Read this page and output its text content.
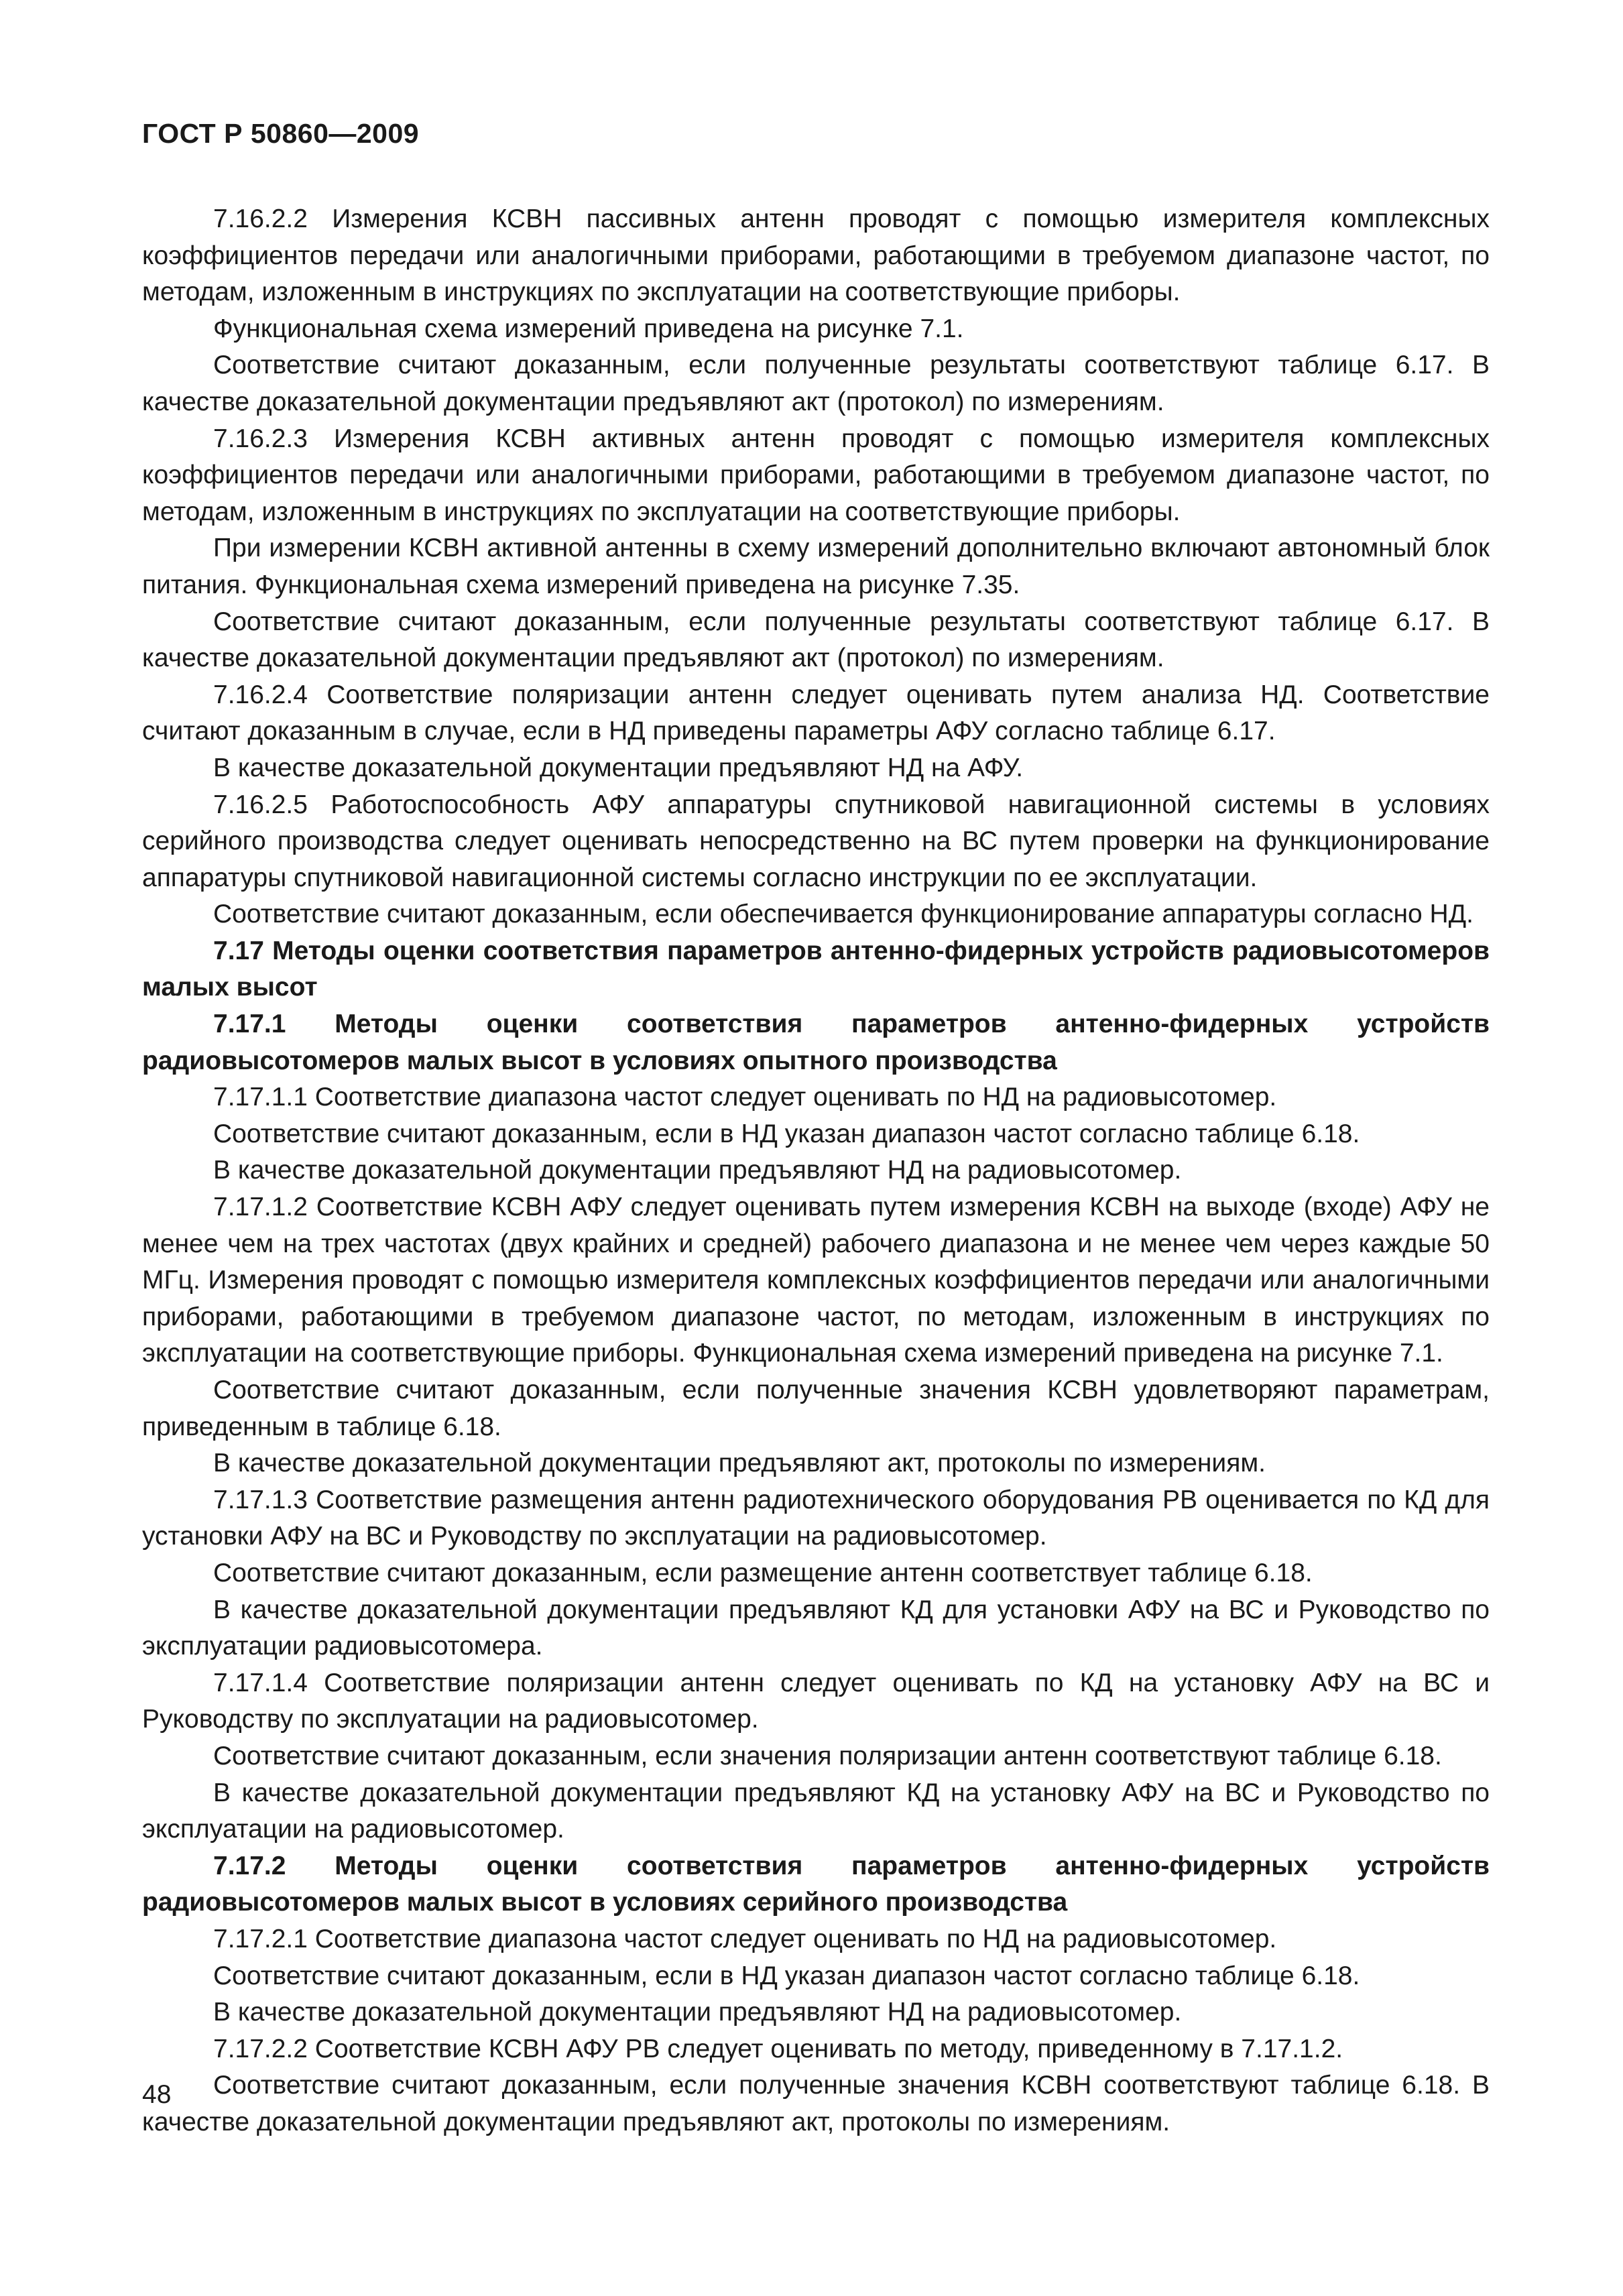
ГОСТ Р 50860—2009

7.16.2.2 Измерения КСВН пассивных антенн проводят с помощью измерителя комплексных коэффициентов передачи или аналогичными приборами, работающими в требуемом диапазоне частот, по методам, изложенным в инструкциях по эксплуатации на соответствующие приборы.

Функциональная схема измерений приведена на рисунке 7.1.

Соответствие считают доказанным, если полученные результаты соответствуют таблице 6.17. В качестве доказательной документации предъявляют акт (протокол) по измерениям.

7.16.2.3 Измерения КСВН активных антенн проводят с помощью измерителя комплексных коэффициентов передачи или аналогичными приборами, работающими в требуемом диапазоне частот, по методам, изложенным в инструкциях по эксплуатации на соответствующие приборы.

При измерении КСВН активной антенны в схему измерений дополнительно включают автономный блок питания. Функциональная схема измерений приведена на рисунке 7.35.

Соответствие считают доказанным, если полученные результаты соответствуют таблице 6.17. В качестве доказательной документации предъявляют акт (протокол) по измерениям.

7.16.2.4 Соответствие поляризации антенн следует оценивать путем анализа НД. Соответствие считают доказанным в случае, если в НД приведены параметры АФУ согласно таблице 6.17.

В качестве доказательной документации предъявляют НД на АФУ.

7.16.2.5 Работоспособность АФУ аппаратуры спутниковой навигационной системы в условиях серийного производства следует оценивать непосредственно на ВС путем проверки на функционирование аппаратуры спутниковой навигационной системы согласно инструкции по ее эксплуатации.

Соответствие считают доказанным, если обеспечивается функционирование аппаратуры согласно НД.

7.17 Методы оценки соответствия параметров антенно-фидерных устройств радиовысотомеров малых высот

7.17.1 Методы оценки соответствия параметров антенно-фидерных устройств радиовысотомеров малых высот в условиях опытного производства

7.17.1.1 Соответствие диапазона частот следует оценивать по НД на радиовысотомер.

Соответствие считают доказанным, если в НД указан диапазон частот согласно таблице 6.18.

В качестве доказательной документации предъявляют НД на радиовысотомер.

7.17.1.2 Соответствие КСВН АФУ следует оценивать путем измерения КСВН на выходе (входе) АФУ не менее чем на трех частотах (двух крайних и средней) рабочего диапазона и не менее чем через каждые 50 МГц. Измерения проводят с помощью измерителя комплексных коэффициентов передачи или аналогичными приборами, работающими в требуемом диапазоне частот, по методам, изложенным в инструкциях по эксплуатации на соответствующие приборы. Функциональная схема измерений приведена на рисунке 7.1.

Соответствие считают доказанным, если полученные значения КСВН удовлетворяют параметрам, приведенным в таблице 6.18.

В качестве доказательной документации предъявляют акт, протоколы по измерениям.

7.17.1.3 Соответствие размещения антенн радиотехнического оборудования РВ оценивается по КД для установки АФУ на ВС и Руководству по эксплуатации на радиовысотомер.

Соответствие считают доказанным, если размещение антенн соответствует таблице 6.18.

В качестве доказательной документации предъявляют КД для установки АФУ на ВС и Руководство по эксплуатации радиовысотомера.

7.17.1.4 Соответствие поляризации антенн следует оценивать по КД на установку АФУ на ВС и Руководству по эксплуатации на радиовысотомер.

Соответствие считают доказанным, если значения поляризации антенн соответствуют таблице 6.18.

В качестве доказательной документации предъявляют КД на установку АФУ на ВС и Руководство по эксплуатации на радиовысотомер.

7.17.2 Методы оценки соответствия параметров антенно-фидерных устройств радиовысотомеров малых высот в условиях серийного производства

7.17.2.1 Соответствие диапазона частот следует оценивать по НД на радиовысотомер.

Соответствие считают доказанным, если в НД указан диапазон частот согласно таблице 6.18.

В качестве доказательной документации предъявляют НД на радиовысотомер.

7.17.2.2 Соответствие КСВН АФУ РВ следует оценивать по методу, приведенному в 7.17.1.2.

Соответствие считают доказанным, если полученные значения КСВН соответствуют таблице 6.18. В качестве доказательной документации предъявляют акт, протоколы по измерениям.

48
